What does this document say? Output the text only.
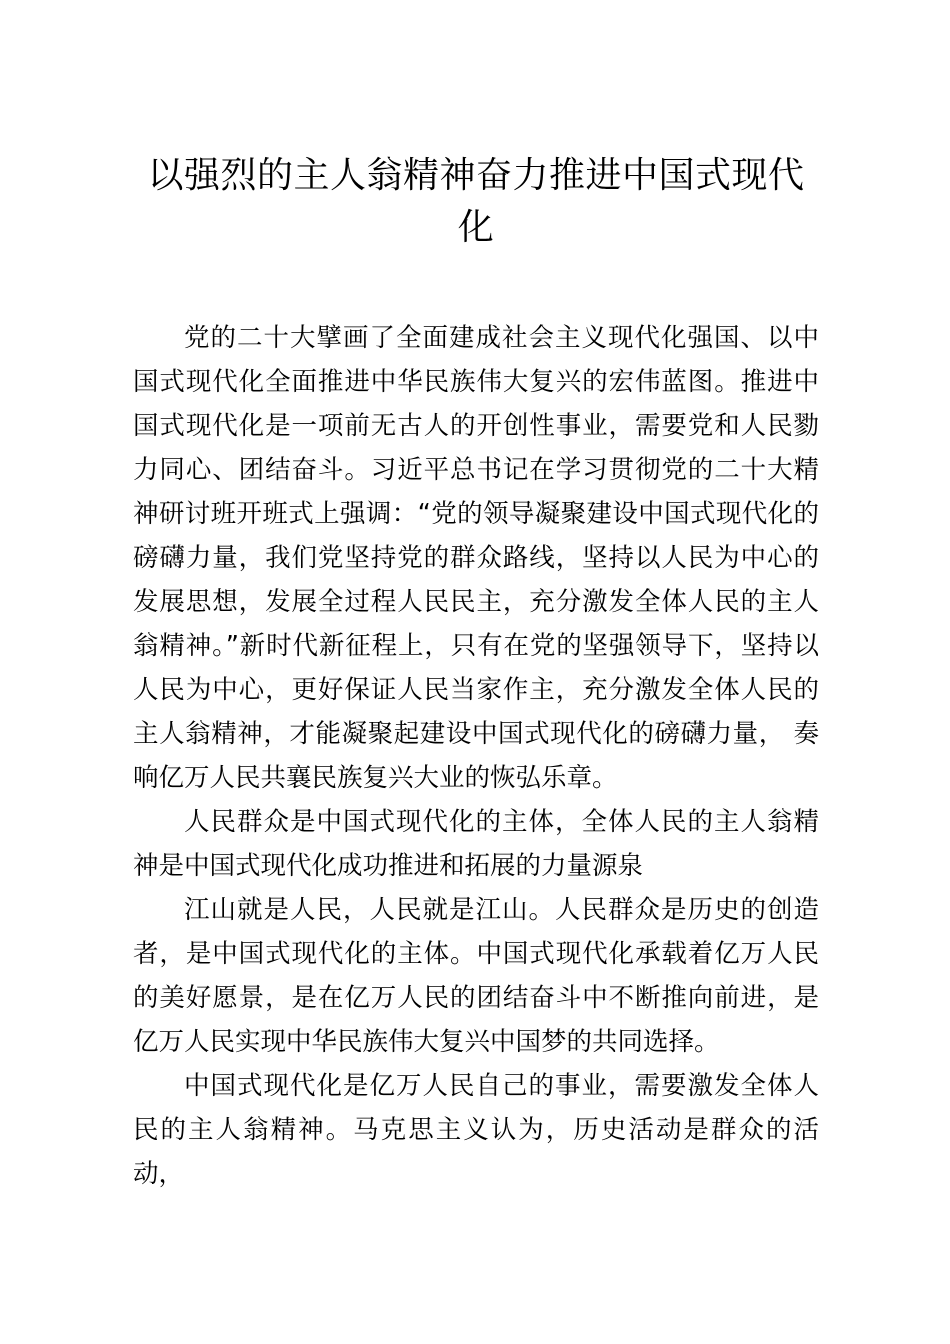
以强烈的主人翁精神奋力推进中国式现代化

党的二十大擘画了全面建成社会主义现代化强国、以中国式现代化全面推进中华民族伟大复兴的宏伟蓝图。推进中国式现代化是一项前无古人的开创性事业，需要党和人民勠力同心、团结奋斗。习近平总书记在学习贯彻党的二十大精神研讨班开班式上强调：“党的领导凝聚建设中国式现代化的磅礴力量，我们党坚持党的群众路线，坚持以人民为中心的发展思想，发展全过程人民民主，充分激发全体人民的主人翁精神。”新时代新征程上，只有在党的坚强领导下，坚持以人民为中心，更好保证人民当家作主，充分激发全体人民的主人翁精神，才能凝聚起建设中国式现代化的磅礴力量， 奏响亿万人民共襄民族复兴大业的恢弘乐章。

人民群众是中国式现代化的主体，全体人民的主人翁精神是中国式现代化成功推进和拓展的力量源泉

江山就是人民，人民就是江山。人民群众是历史的创造者，是中国式现代化的主体。中国式现代化承载着亿万人民的美好愿景，是在亿万人民的团结奋斗中不断推向前进，是亿万人民实现中华民族伟大复兴中国梦的共同选择。

中国式现代化是亿万人民自己的事业，需要激发全体人民的主人翁精神。马克思主义认为，历史活动是群众的活动，
